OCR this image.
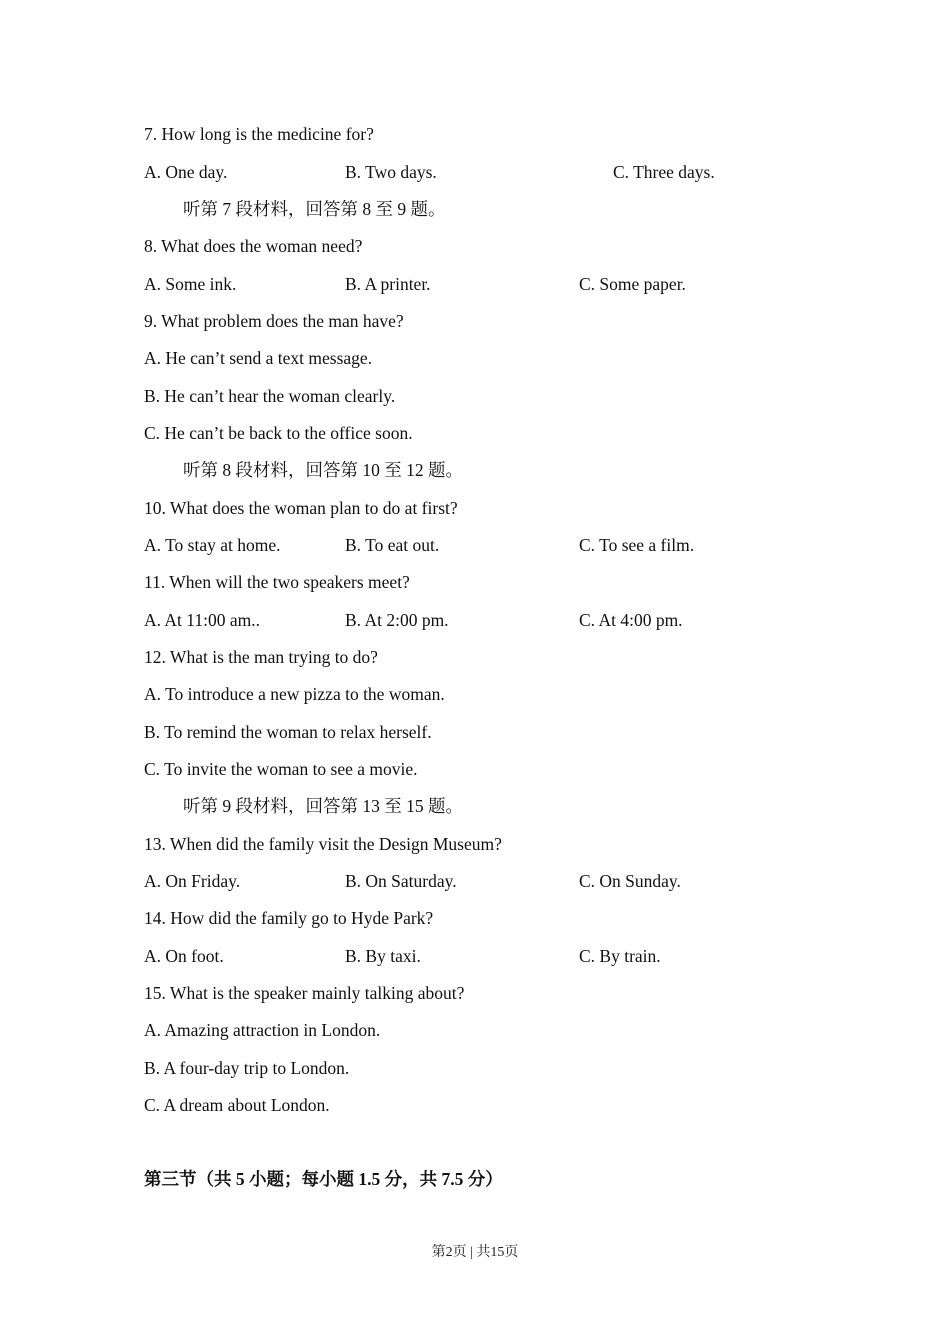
7. How long is the medicine for?
A. One day.	B. Two days.	C. Three days.
听第 7 段材料，回答第 8 至 9 题。
8. What does the woman need?
A. Some ink.	B. A printer.	C. Some paper.
9. What problem does the man have?
A. He can’t send a text message.
B. He can’t hear the woman clearly.
C. He can’t be back to the office soon.
听第 8 段材料，回答第 10 至 12 题。
10. What does the woman plan to do at first?
A. To stay at home.	B. To eat out.	C. To see a film.
11. When will the two speakers meet?
A. At 11:00 am..	B. At 2:00 pm.	C. At 4:00 pm.
12. What is the man trying to do?
A. To introduce a new pizza to the woman.
B. To remind the woman to relax herself.
C. To invite the woman to see a movie.
听第 9 段材料，回答第 13 至 15 题。
13. When did the family visit the Design Museum?
A. On Friday.	B. On Saturday.	C. On Sunday.
14. How did the family go to Hyde Park?
A. On foot.	B. By taxi.	C. By train.
15. What is the speaker mainly talking about?
A. Amazing attraction in London.
B. A four-day trip to London.
C. A dream about London.
第三节（共 5 小题；每小题 1.5 分，共 7.5 分）
第2页 | 共15页
